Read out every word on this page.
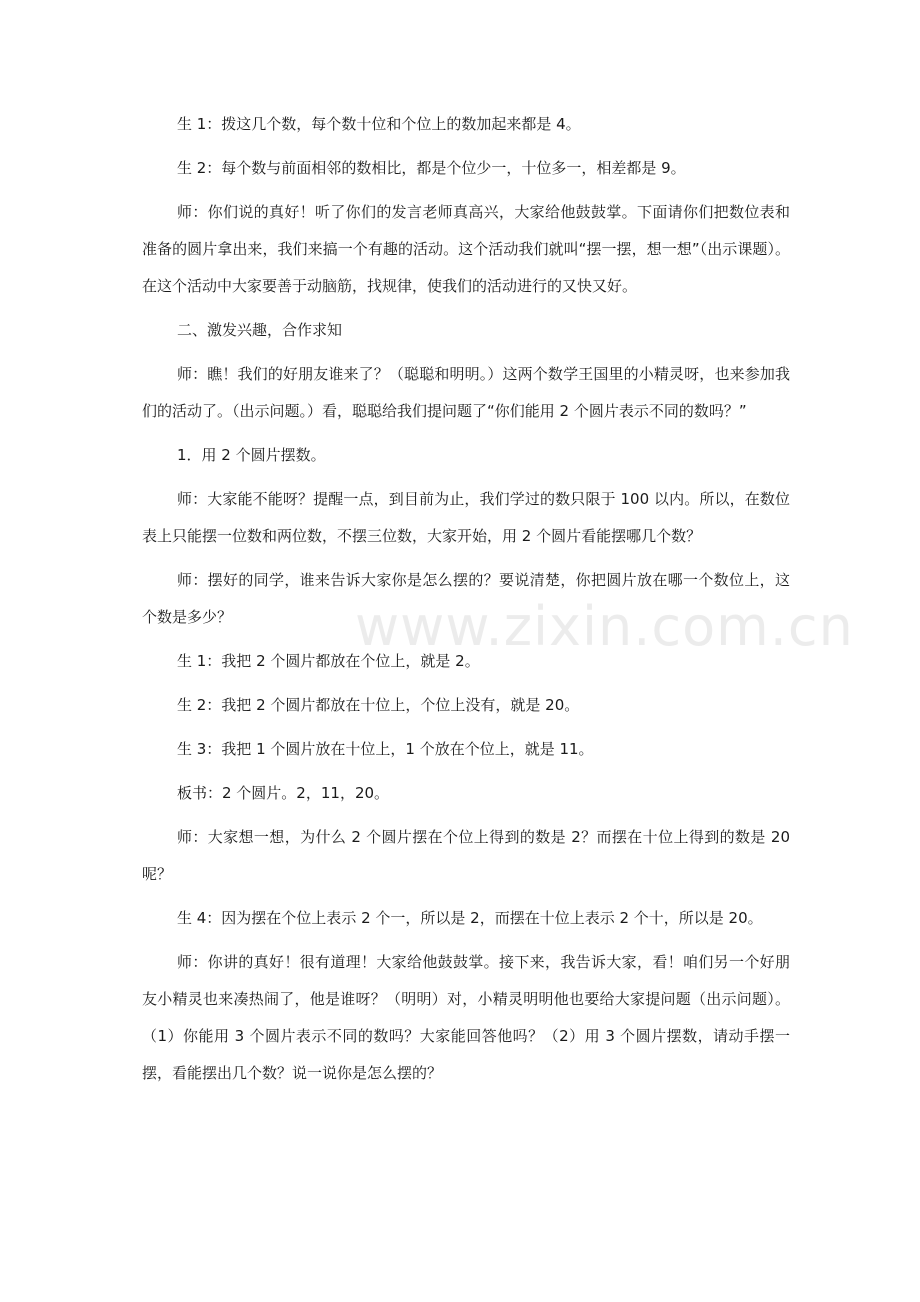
www.zixin.com.cn

生 1：拨这几个数，每个数十位和个位上的数加起来都是 4。

生 2：每个数与前面相邻的数相比，都是个位少一，十位多一，相差都是 9。

师：你们说的真好！听了你们的发言老师真高兴，大家给他鼓鼓掌。下面请你们把数位表和准备的圆片拿出来，我们来搞一个有趣的活动。这个活动我们就叫“摆一摆，想一想”（出示课题）。在这个活动中大家要善于动脑筋，找规律，使我们的活动进行的又快又好。

二、激发兴趣，合作求知

师：瞧！我们的好朋友谁来了？（聪聪和明明。）这两个数学王国里的小精灵呀，也来参加我们的活动了。（出示问题。）看，聪聪给我们提问题了“你们能用 2 个圆片表示不同的数吗？”

1．用 2 个圆片摆数。

师：大家能不能呀？提醒一点，到目前为止，我们学过的数只限于 100 以内。所以，在数位表上只能摆一位数和两位数，不摆三位数，大家开始，用 2 个圆片看能摆哪几个数？

师：摆好的同学，谁来告诉大家你是怎么摆的？要说清楚，你把圆片放在哪一个数位上，这个数是多少？

生 1：我把 2 个圆片都放在个位上，就是 2。

生 2：我把 2 个圆片都放在十位上，个位上没有，就是 20。

生 3：我把 1 个圆片放在十位上，1 个放在个位上，就是 11。

板书：2 个圆片。2，11，20。

师：大家想一想，为什么 2 个圆片摆在个位上得到的数是 2？而摆在十位上得到的数是 20 呢？

生 4：因为摆在个位上表示 2 个一，所以是 2，而摆在十位上表示 2 个十，所以是 20。

师：你讲的真好！很有道理！大家给他鼓鼓掌。接下来，我告诉大家，看！咱们另一个好朋友小精灵也来凑热闹了，他是谁呀？（明明）对，小精灵明明他也要给大家提问题（出示问题）。（1）你能用 3 个圆片表示不同的数吗？大家能回答他吗？（2）用 3 个圆片摆数，请动手摆一摆，看能摆出几个数？说一说你是怎么摆的？
